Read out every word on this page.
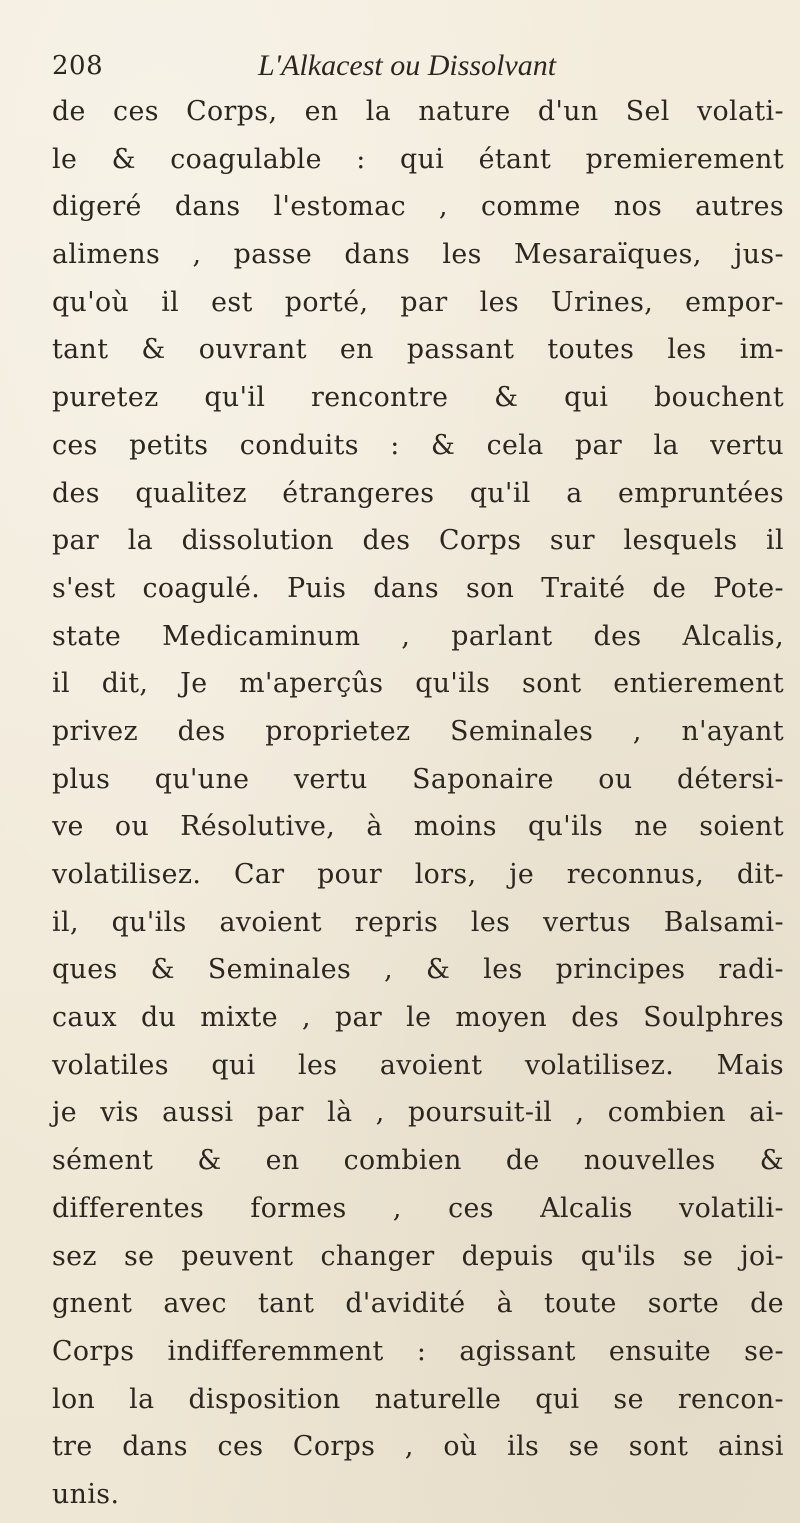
208	L'Alkacest ou Dissolvant
de ces Corps, en la nature d'un Sel volati-
le & coagulable : qui étant premierement
digeré dans l'estomac , comme nos autres
alimens , passe dans les Mesaraïques, jus-
qu'où il est porté, par les Urines, empor-
tant & ouvrant en passant toutes les im-
puretez qu'il rencontre & qui bouchent
ces petits conduits : & cela par la vertu
des qualitez étrangeres qu'il a empruntées
par la dissolution des Corps sur lesquels il
s'est coagulé. Puis dans son Traité de Pote-
state Medicaminum , parlant des Alcalis,
il dit, Je m'aperçûs qu'ils sont entierement
privez des proprietez Seminales , n'ayant
plus qu'une vertu Saponaire ou détersi-
ve ou Résolutive, à moins qu'ils ne soient
volatilisez. Car pour lors, je reconnus, dit-
il, qu'ils avoient repris les vertus Balsami-
ques & Seminales , & les principes radi-
caux du mixte , par le moyen des Soulphres
volatiles qui les avoient volatilisez. Mais
je vis aussi par là , poursuit-il , combien ai-
sément & en combien de nouvelles &
differentes formes , ces Alcalis volatili-
sez se peuvent changer depuis qu'ils se joi-
gnent avec tant d'avidité à toute sorte de
Corps indifferemment : agissant ensuite se-
lon la disposition naturelle qui se rencon-
tre dans ces Corps , où ils se sont ainsi
unis.
